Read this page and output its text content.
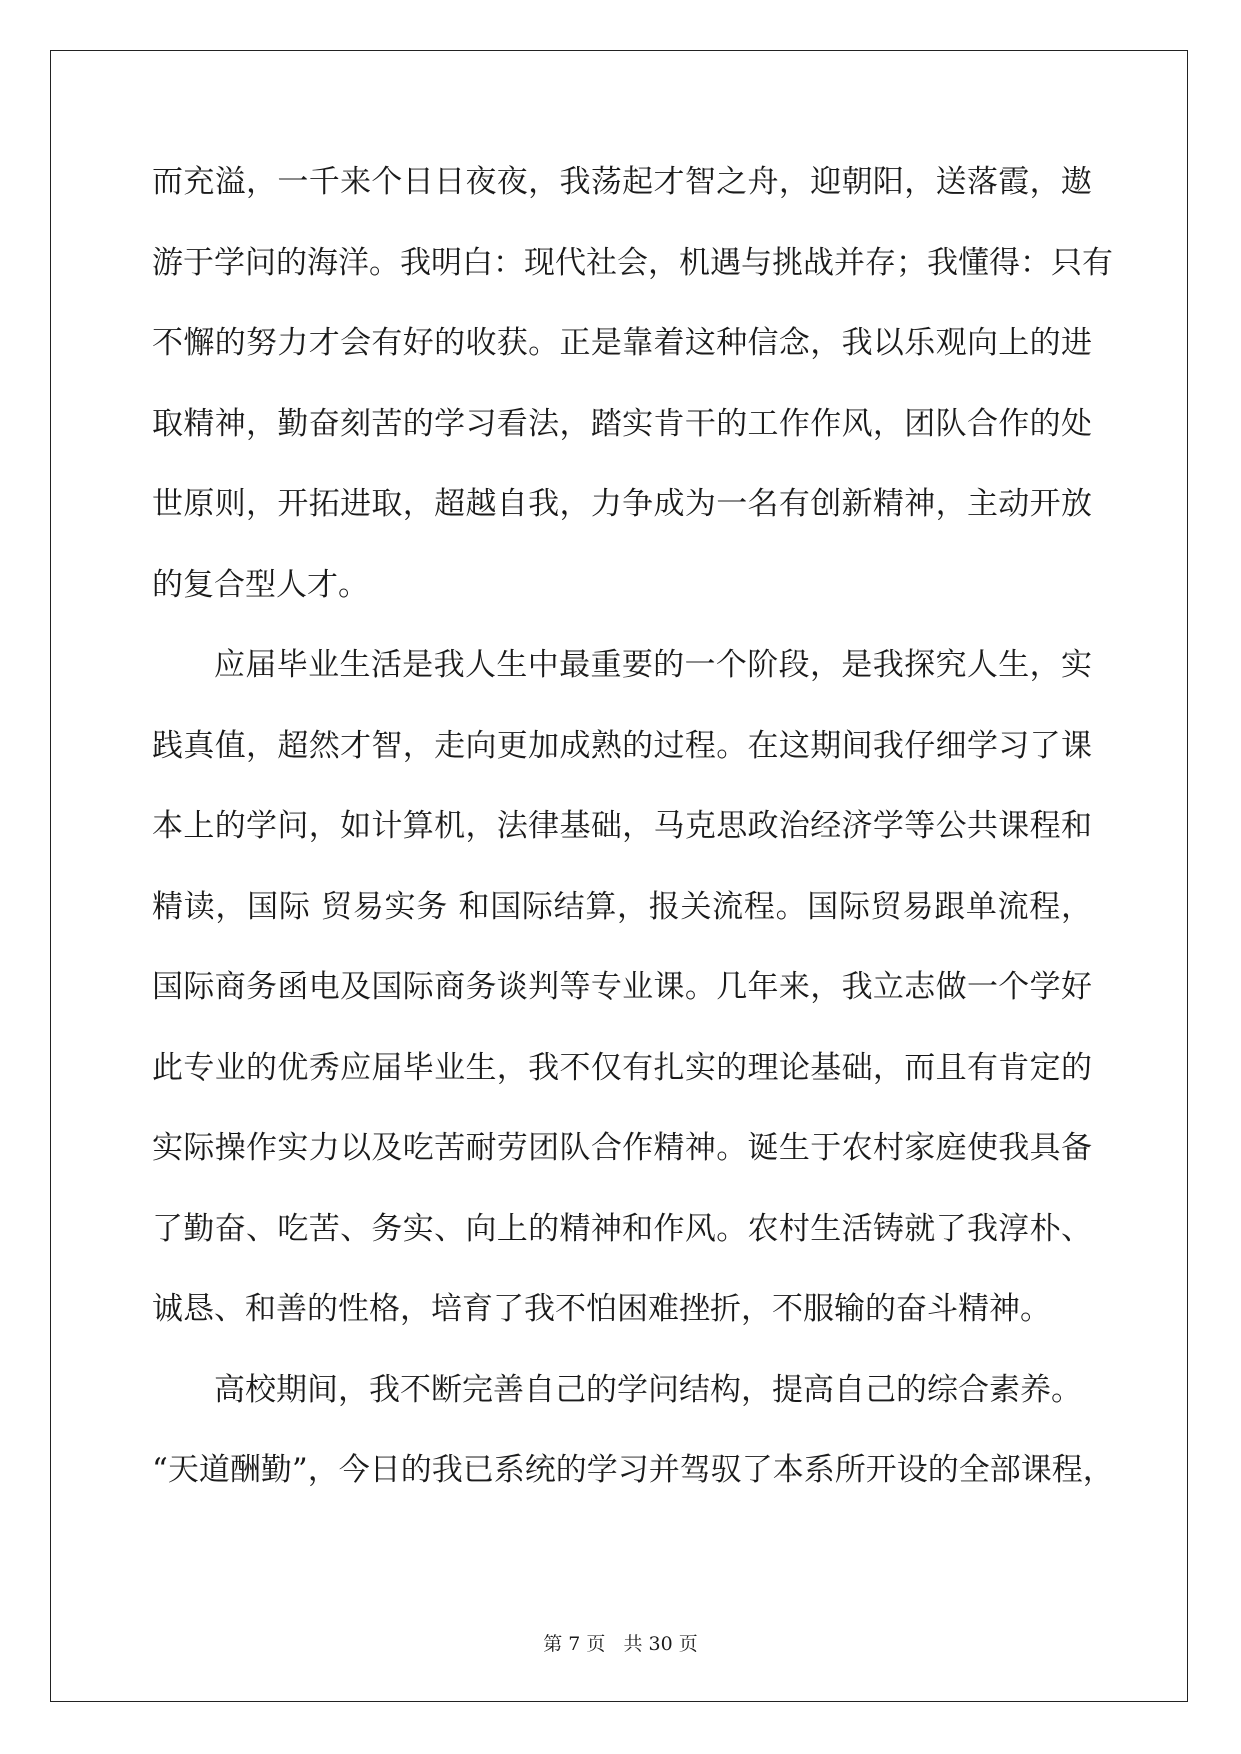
而充溢，一千来个日日夜夜，我荡起才智之舟，迎朝阳，送落霞，遨
游于学问的海洋。我明白：现代社会，机遇与挑战并存；我懂得：只有
不懈的努力才会有好的收获。正是靠着这种信念，我以乐观向上的进
取精神，勤奋刻苦的学习看法，踏实肯干的工作作风，团队合作的处
世原则，开拓进取，超越自我，力争成为一名有创新精神，主动开放
的复合型人才。
应届毕业生活是我人生中最重要的一个阶段，是我探究人生，实
践真值，超然才智，走向更加成熟的过程。在这期间我仔细学习了课
本上的学问，如计算机，法律基础，马克思政治经济学等公共课程和
精读，国际 贸易实务 和国际结算，报关流程。国际贸易跟单流程，
国际商务函电及国际商务谈判等专业课。几年来，我立志做一个学好
此专业的优秀应届毕业生，我不仅有扎实的理论基础，而且有肯定的
实际操作实力以及吃苦耐劳团队合作精神。诞生于农村家庭使我具备
了勤奋、吃苦、务实、向上的精神和作风。农村生活铸就了我淳朴、
诚恳、和善的性格，培育了我不怕困难挫折，不服输的奋斗精神。
高校期间，我不断完善自己的学问结构，提高自己的综合素养。
“天道酬勤”，今日的我已系统的学习并驾驭了本系所开设的全部课程，
第 7 页 共 30 页
